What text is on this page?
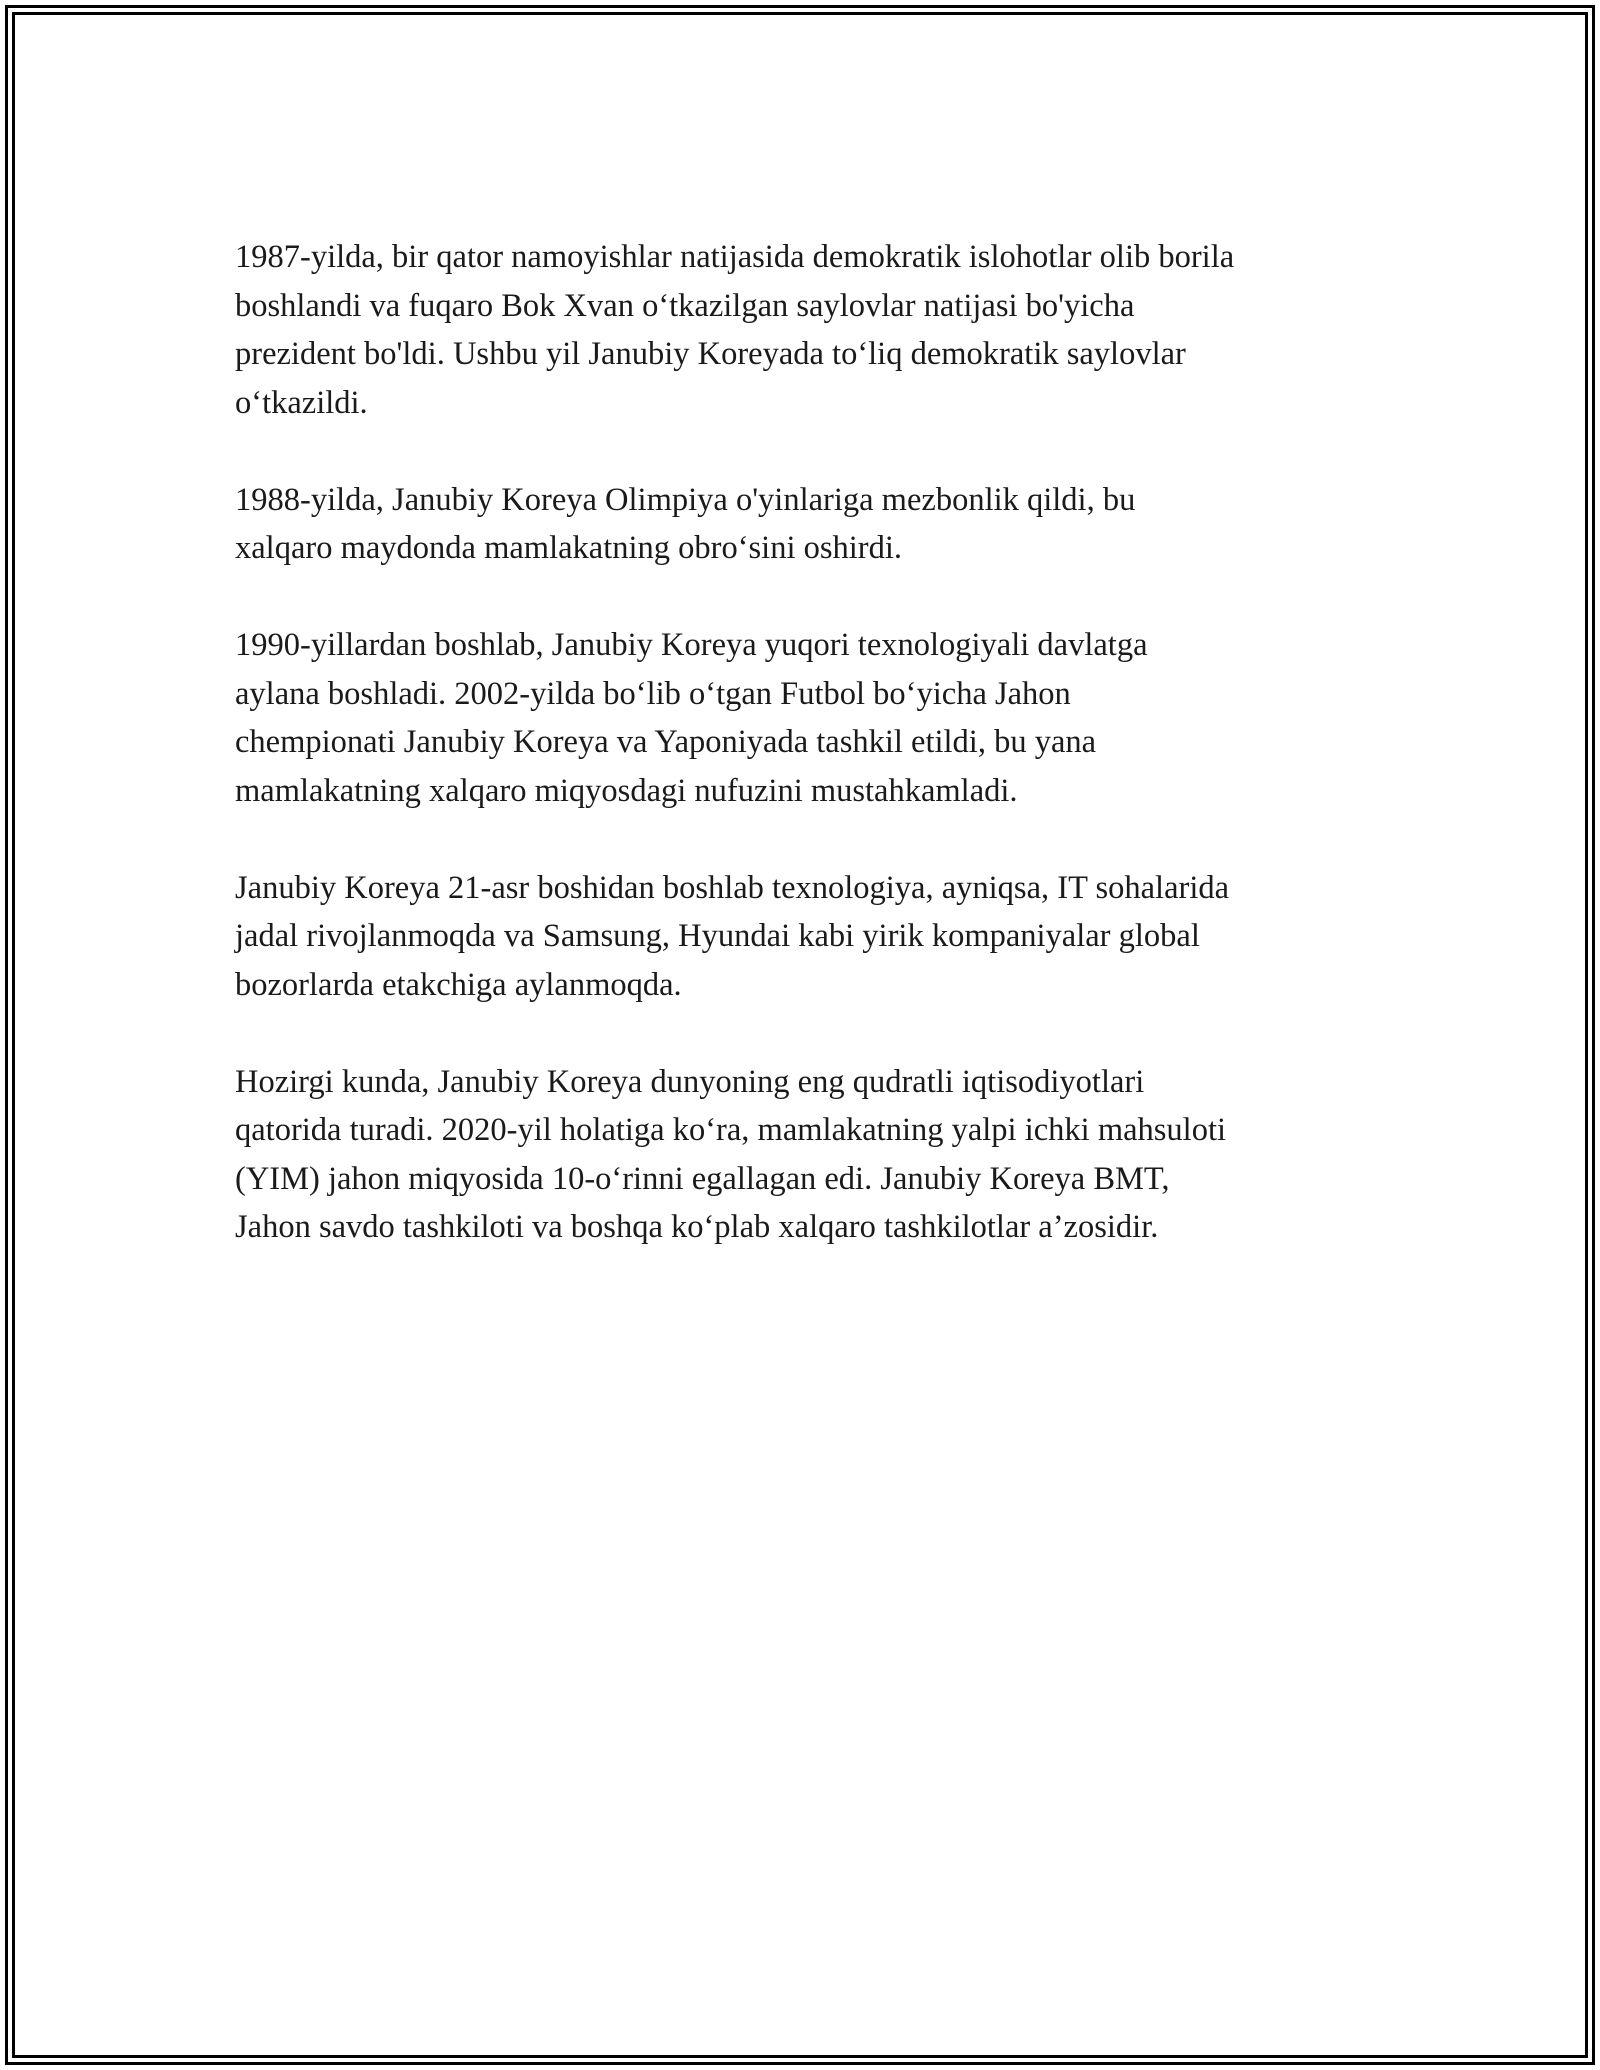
1987-yilda, bir qator namoyishlar natijasida demokratik islohotlar olib borila
boshlandi va fuqaro Bok Xvan o‘tkazilgan saylovlar natijasi bo'yicha
prezident bo'ldi. Ushbu yil Janubiy Koreyada to‘liq demokratik saylovlar
o‘tkazildi.

1988-yilda, Janubiy Koreya Olimpiya o'yinlariga mezbonlik qildi, bu
xalqaro maydonda mamlakatning obro‘sini oshirdi.

1990-yillardan boshlab, Janubiy Koreya yuqori texnologiyali davlatga
aylana boshladi. 2002-yilda bo‘lib o‘tgan Futbol bo‘yicha Jahon
chempionati Janubiy Koreya va Yaponiyada tashkil etildi, bu yana
mamlakatning xalqaro miqyosdagi nufuzini mustahkamladi.

Janubiy Koreya 21-asr boshidan boshlab texnologiya, ayniqsa, IT sohalarida
jadal rivojlanmoqda va Samsung, Hyundai kabi yirik kompaniyalar global
bozorlarda etakchiga aylanmoqda.

Hozirgi kunda, Janubiy Koreya dunyoning eng qudratli iqtisodiyotlari
qatorida turadi. 2020-yil holatiga ko‘ra, mamlakatning yalpi ichki mahsuloti
(YIM) jahon miqyosida 10-o‘rinni egallagan edi. Janubiy Koreya BMT,
Jahon savdo tashkiloti va boshqa ko‘plab xalqaro tashkilotlar a’zosidir.
